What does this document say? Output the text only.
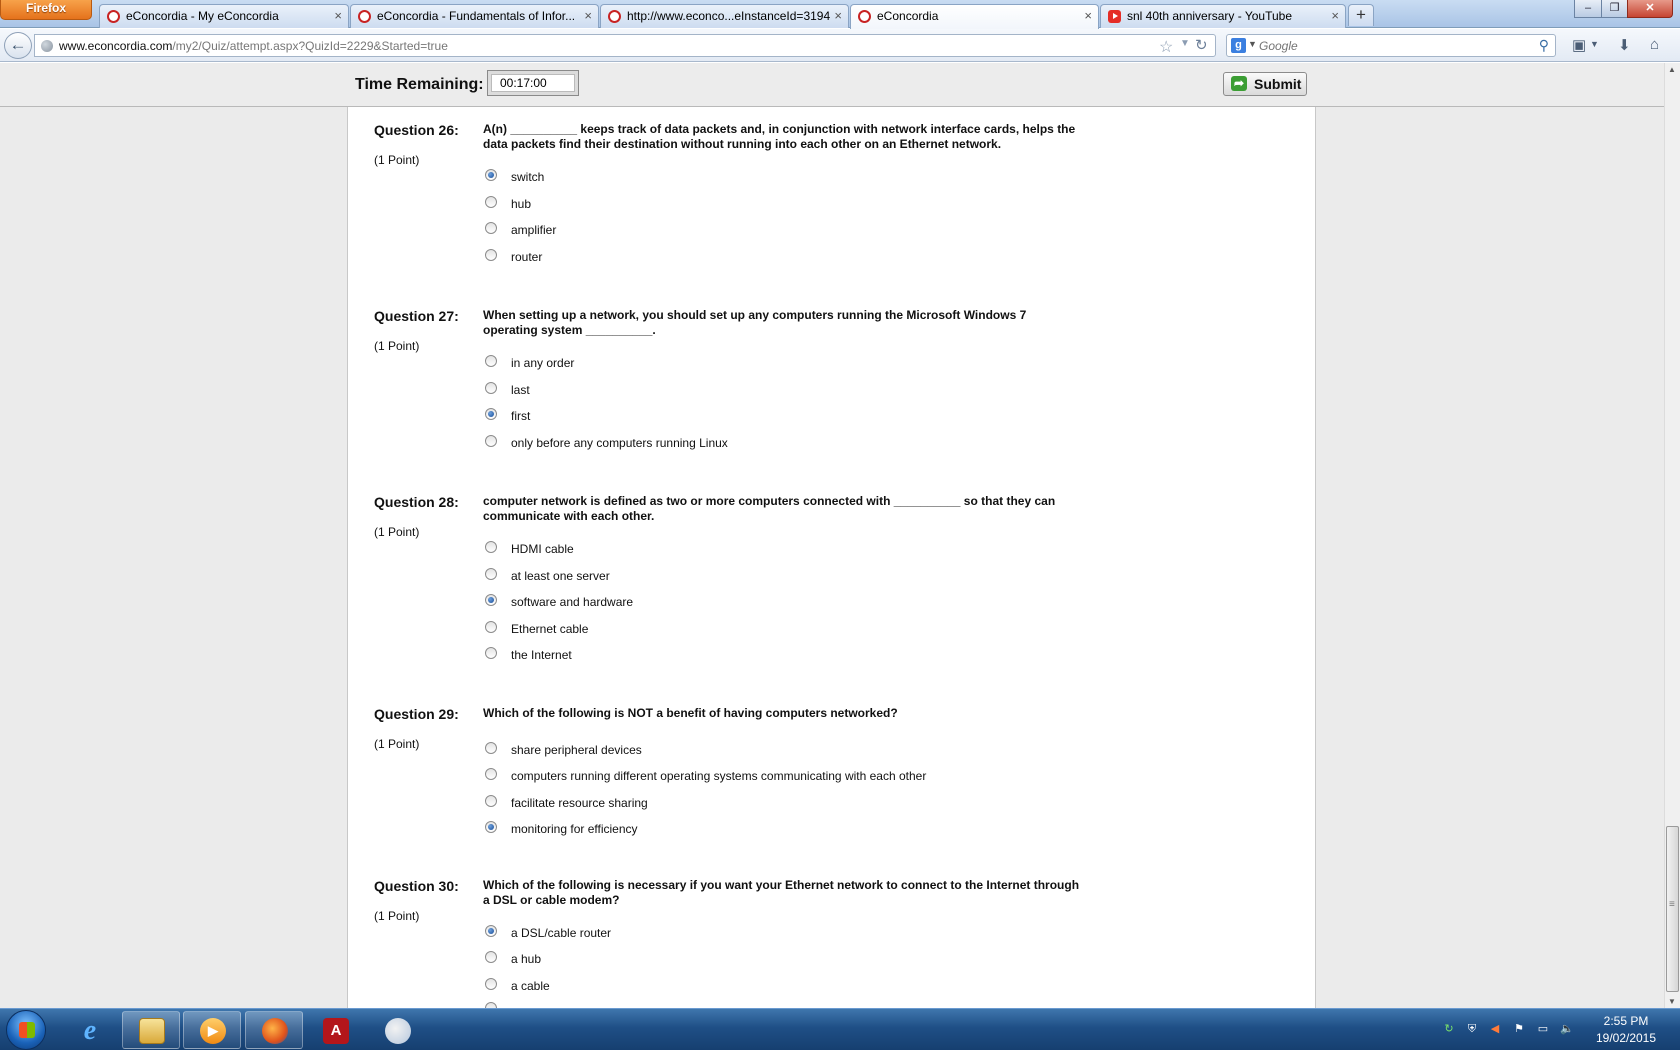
Firefox
eConcordia - My eConcordia	×	eConcordia - Fundamentals of Infor... ×	http://www.econco...eInstanceId=3194 ×	eConcordia	×	snl 40th anniversary - YouTube	×	+	–	❐	✕
←	www.econcordia.com/my2/Quiz/attempt.aspx?QuizId=2229&Started=true	☆ ▼ ↻	g ▼
Google	⚲ ▣ ▼ ⬇ ⌂
Question 26:
(1 Point)
A(n) __________ keeps track of data packets and, in conjunction with network interface cards, helps the data packets find their destination without running into each other on an Ethernet network.
switch
hub
amplifier
router
Question 27:
(1 Point)
When setting up a network, you should set up any computers running the Microsoft Windows 7 operating system __________.
in any order
last
first
only before any computers running Linux
Question 28:
(1 Point)
computer network is defined as two or more computers connected with __________ so that they can communicate with each other.
HDMI cable
at least one server
software and hardware
Ethernet cable
the Internet
Question 29:
(1 Point)
Which of the following is NOT a benefit of having computers networked?
share peripheral devices
computers running different operating systems communicating with each other
facilitate resource sharing
monitoring for efficiency
Question 30:
(1 Point)
Which of the following is necessary if you want your Ethernet network to connect to the Internet through a DSL or cable modem?
a DSL/cable router
a hub
a cable
Time Remaining:	00:17:00	➦ Submit
▲
≡
▼
e	▶	A	↻ ⛨ ◀ ⚑ ▭ 🔈
2:55 PM
19/02/2015
